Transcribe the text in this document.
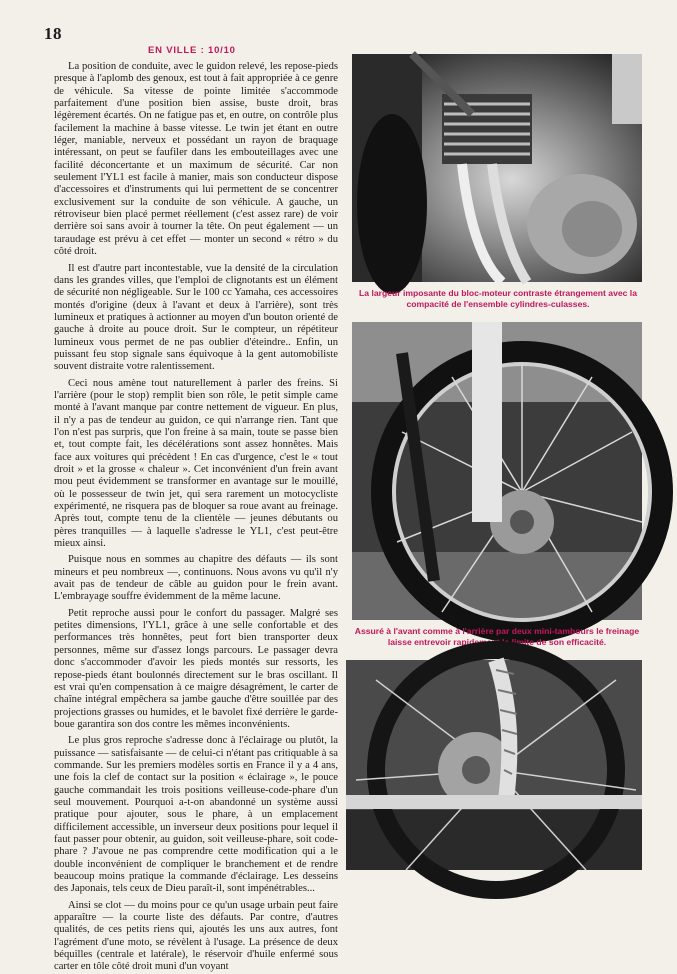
18
EN VILLE : 10/10

La position de conduite, avec le guidon relevé, les repose-pieds presque à l'aplomb des genoux, est tout à fait appropriée à ce genre de véhicule. Sa vitesse de pointe limitée s'accommode parfaitement d'une position bien assise, buste droit, bras légèrement écartés. On ne fatigue pas et, en outre, on contrôle plus facilement la machine à basse vitesse. Le twin jet étant en outre léger, maniable, nerveux et possédant un rayon de braquage intéressant, on peut se faufiler dans les embouteillages avec une facilité déconcertante et un maximum de sécurité. Car non seulement l'YL1 est facile à manier, mais son conducteur dispose d'accessoires et d'instruments qui lui permettent de se concentrer exclusivement sur la conduite de son véhicule. A gauche, un rétroviseur bien placé permet réellement (c'est assez rare) de voir derrière soi sans avoir à tourner la tête. On peut également — un taraudage est prévu à cet effet — monter un second « rétro » du côté droit.

Il est d'autre part incontestable, vue la densité de la circulation dans les grandes villes, que l'emploi de clignotants est un élément de sécurité non négligeable. Sur le 100 cc Yamaha, ces accessoires montés d'origine (deux à l'avant et deux à l'arrière), sont très lumineux et pratiques à actionner au moyen d'un bouton orienté de gauche à droite au pouce droit. Sur le compteur, un répétiteur lumineux vous permet de ne pas oublier d'éteindre.. Enfin, un puissant feu stop signale sans équivoque à la gent automobiliste souvent distraite votre ralentissement.

Ceci nous amène tout naturellement à parler des freins. Si l'arrière (pour le stop) remplit bien son rôle, le petit simple came monté à l'avant manque par contre nettement de vigueur. En plus, il n'y a pas de tendeur au guidon, ce qui n'arrange rien. Tant que l'on n'est pas surpris, que l'on freine à sa main, toute se passe bien et, tout compte fait, les décélérations sont assez honnêtes. Mais face aux voitures qui précèdent ! En cas d'urgence, c'est le « tout droit » et la grosse « chaleur ». Cet inconvénient d'un frein avant mou peut évidemment se transformer en avantage sur le mouillé, où le possesseur de twin jet, qui sera rarement un motocycliste expérimenté, ne risquera pas de bloquer sa roue avant au freinage. Après tout, compte tenu de la clientèle — jeunes débutants ou pères tranquilles — à laquelle s'adresse le YL1, c'est peut-être mieux ainsi.

Puisque nous en sommes au chapitre des défauts — ils sont mineurs et peu nombreux —, continuons. Nous avons vu qu'il n'y avait pas de tendeur de câble au guidon pour le frein avant. L'embrayage souffre évidemment de la même lacune.

Petit reproche aussi pour le confort du passager. Malgré ses petites dimensions, l'YL1, grâce à une selle confortable et des performances très honnêtes, peut fort bien transporter deux personnes, même sur d'assez longs parcours. Le passager devra donc s'accommoder d'avoir les pieds montés sur ressorts, les repose-pieds étant boulonnés directement sur le bras oscillant. Il est vrai qu'en compensation à ce maigre désagrément, le carter de chaîne intégral empêchera sa jambe gauche d'être souillée par des projections grasses ou humides, et le bavolet fixé derrière le garde-boue garantira son dos contre les mêmes inconvénients.

Le plus gros reproche s'adresse donc à l'éclairage ou plutôt, la puissance — satisfaisante — de celui-ci n'étant pas critiquable à sa commande. Sur les premiers modèles sortis en France il y a 4 ans, une fois la clef de contact sur la position « éclairage », le pouce gauche commandait les trois positions veilleuse-code-phare d'un seul mouvement. Pourquoi a-t-on abandonné un système aussi pratique pour ajouter, sous le phare, à un emplacement difficilement accessible, un inverseur deux positions pour lequel il faut passer pour obtenir, au guidon, soit veilleuse-phare, soit code-phare ? J'avoue ne pas comprendre cette modification qui a le double inconvénient de compliquer le branchement et de rendre beaucoup moins pratique la commande d'éclairage. Les desseins des Japonais, tels ceux de Dieu paraît-il, sont impénétrables...

Ainsi se clot — du moins pour ce qu'un usage urbain peut faire apparaître — la courte liste des défauts. Par contre, d'autres qualités, de ces petits riens qui, ajoutés les uns aux autres, font l'agrément d'une moto, se révèlent à l'usage. La présence de deux béquilles (centrale et latérale), le réservoir d'huile enfermé sous carter en tôle côté droit muni d'un voyant

La largeur imposante du bloc-moteur contraste étrangement avec la compacité de l'ensemble cylindres-culasses.
Assuré à l'avant comme à l'arrière par deux mini-tambours le freinage laisse entrevoir rapidement la limite de son efficacité.
